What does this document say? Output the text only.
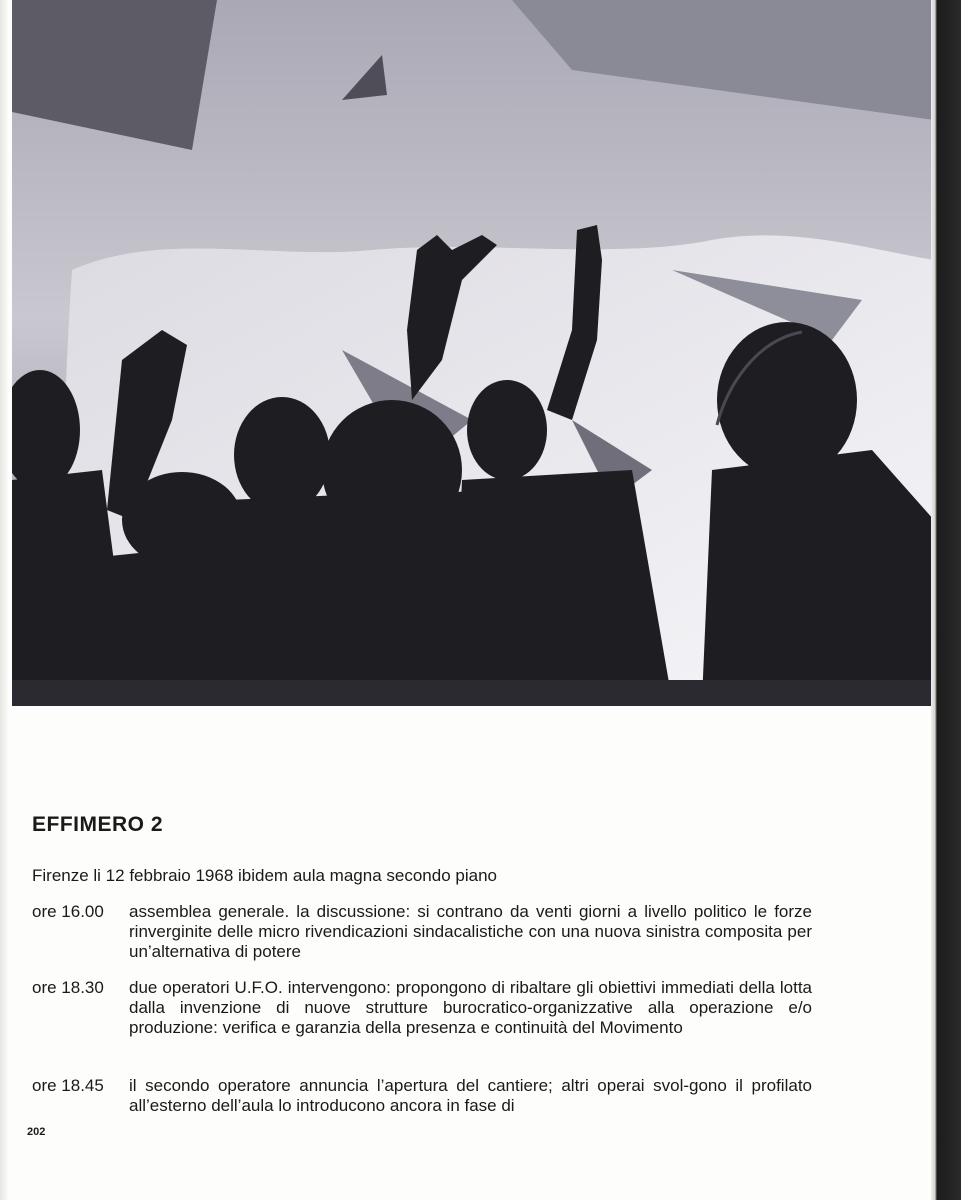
EFFIMERO 2

Firenze li 12 febbraio 1968 ibidem aula magna secondo piano

ore 16.00 assemblea generale. la discussione: si contrano da venti giorni a livello politico le forze rinverginite delle micro rivendicazioni sindacalistiche con una nuova sinistra composita per un’alternativa di potere
ore 18.30 due operatori U.F.O. intervengono: propongono di ribaltare gli obiettivi immediati della lotta dalla invenzione di nuove strutture burocratico-organizzative alla operazione e/o produzione: verifica e garanzia della presenza e continuità del Movimento
ore 18.45 il secondo operatore annuncia l’apertura del cantiere; altri operai svol-gono il profilato all’esterno dell’aula lo introducono ancora in fase di
202
